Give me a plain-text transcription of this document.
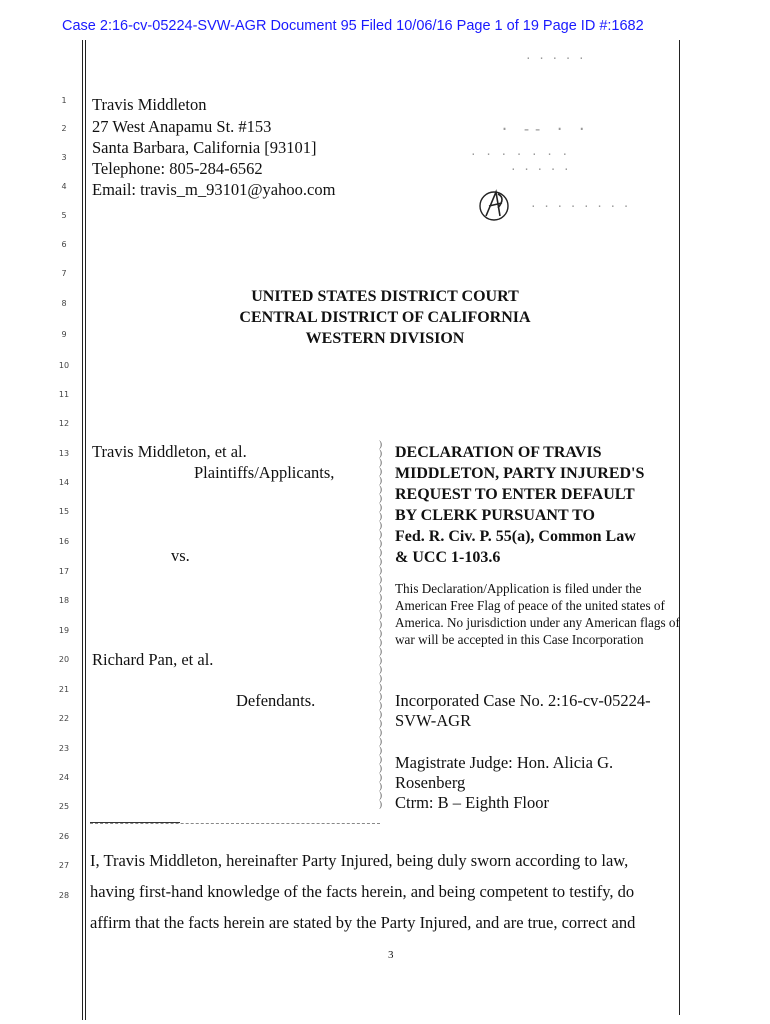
Case 2:16-cv-05224-SVW-AGR Document 95 Filed 10/06/16 Page 1 of 19 Page ID #:1682
1
2
3
4
5
6
7
8
9
10
11
12
13
14
15
16
17
18
19
20
21
22
23
24
25
26
27
28
Travis Middleton
27 West Anapamu St. #153
Santa Barbara, California [93101]
Telephone: 805-284-6562
Email: travis_m_93101@yahoo.com
· · · · ·
· -- · ·
· · · · · · ·
· · · · ·
· · · · · · · ·
UNITED STATES DISTRICT COURT
CENTRAL DISTRICT OF CALIFORNIA
WESTERN DIVISION
Travis Middleton, et al.
Plaintiffs/Applicants,
vs.
Richard Pan, et al.
Defendants.
)
)
)
)
)
)
)
)
)
)
)
)
)
)
)
)
)
)
)
)
)
)
)
)
)
)
)
)
)
)
)
)
)
)
)
)
)
)
)
)
)
DECLARATION OF TRAVIS
MIDDLETON, PARTY INJURED'S
REQUEST TO ENTER DEFAULT
BY CLERK PURSUANT TO
Fed. R. Civ. P. 55(a), Common Law
& UCC 1-103.6
This Declaration/Application is filed under the American Free Flag of peace of the united states of America. No jurisdiction under any American flags of war will be accepted in this Case Incorporation
Incorporated Case No. 2:16-cv-05224-
SVW-AGR
Magistrate Judge: Hon. Alicia G.
Rosenberg
Ctrm: B – Eighth Floor
I, Travis Middleton, hereinafter Party Injured, being duly sworn according to law,
having first-hand knowledge of the facts herein, and being competent to testify, do
affirm that the facts herein are stated by the Party Injured, and are true, correct and
3
